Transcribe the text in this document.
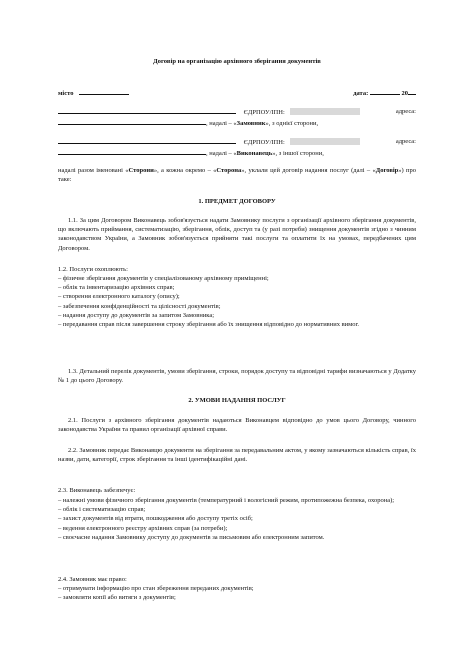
Договір на організацію архівного зберігання документів
місто	дата:	20
ЄДРПОУ/ІПН:	адреса:
, надалі – «Замовник», з однієї сторони,
ЄДРПОУ/ІПН:	адреса:
, надалі – «Виконавець», з іншої сторони,
надалі разом іменовані «Сторони», а кожна окремо – «Сторона», уклали цей договір надання послуг (далі – «Договір») про таке:
1. ПРЕДМЕТ ДОГОВОРУ
1.1. За цим Договором Виконавець зобов'язується надати Замовнику послуги з організації архівного зберігання документів, що включають приймання, систематизацію, зберігання, облік, доступ та (у разі потреби) знищення документів згідно з чинним законодавством України, а Замовник зобов'язується прийняти такі послуги та оплатити їх на умовах, передбачених цим Договором.
1.2. Послуги охоплюють:
– фізичне зберігання документів у спеціалізованому архівному приміщенні;
– облік та інвентаризацію архівних справ;
– створення електронного каталогу (опису);
– забезпечення конфіденційності та цілісності документів;
– надання доступу до документів за запитом Замовника;
– передавання справ після завершення строку зберігання або їх знищення відповідно до нормативних вимог.
1.3. Детальний перелік документів, умови зберігання, строки, порядок доступу та відповідні тарифи визначаються у Додатку № 1 до цього Договору.
2. УМОВИ НАДАННЯ ПОСЛУГ
2.1. Послуги з архівного зберігання документів надаються Виконавцем відповідно до умов цього Договору, чинного законодавства України та правил організації архівної справи.
2.2. Замовник передає Виконавцю документи на зберігання за передавальним актом, у якому зазначаються кількість справ, їх назви, дати, категорії, строк зберігання та інші ідентифікаційні дані.
2.3. Виконавець забезпечує:
– належні умови фізичного зберігання документів (температурний і вологісний режим, протипожежна безпека, охорона);
– облік і систематизацію справ;
– захист документів від втрати, пошкодження або доступу третіх осіб;
– ведення електронного реєстру архівних справ (за потреби);
– своєчасне надання Замовнику доступу до документів за письмовим або електронним запитом.
2.4. Замовник має право:
– отримувати інформацію про стан збереження переданих документів;
– замовляти копії або витяги з документів;
